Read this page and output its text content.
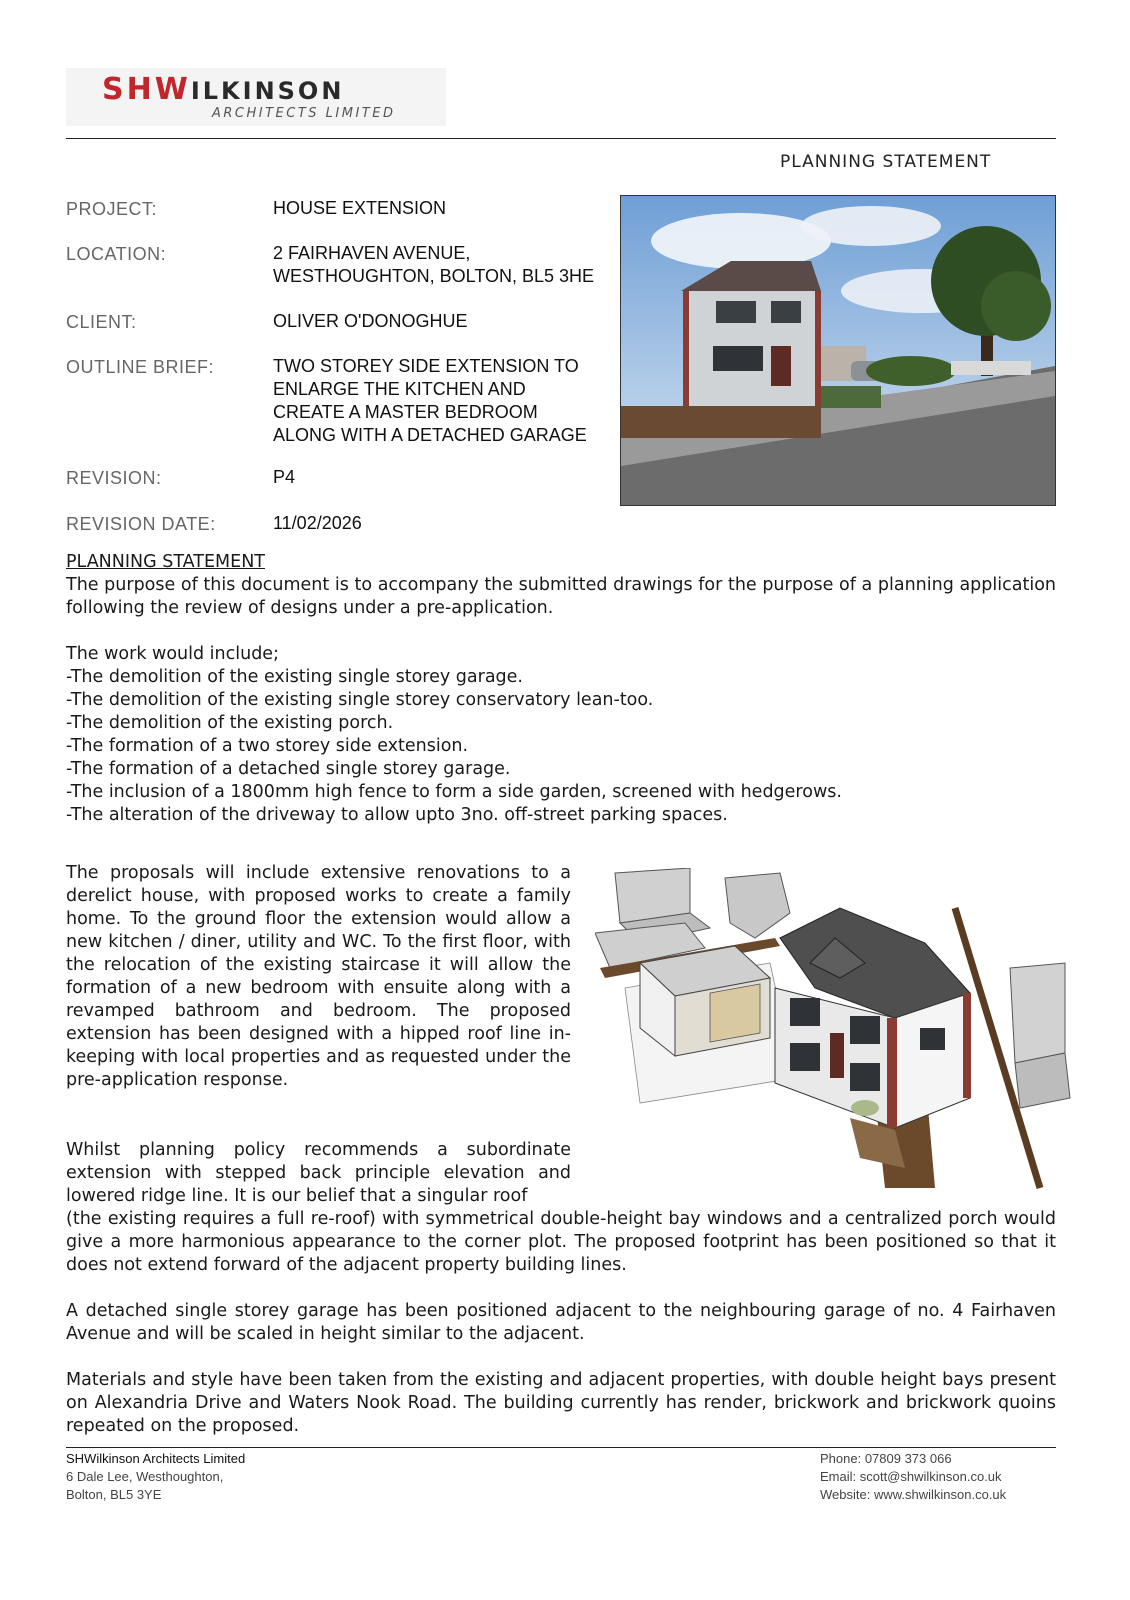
SHWILKINSON
ARCHITECTS LIMITED
PLANNING STATEMENT
PROJECT:	HOUSE EXTENSION
LOCATION:	2 FAIRHAVEN AVENUE,
WESTHOUGHTON, BOLTON, BL5 3HE
CLIENT:	OLIVER O'DONOGHUE
OUTLINE BRIEF:	TWO STOREY SIDE EXTENSION TO
ENLARGE THE KITCHEN AND
CREATE A MASTER BEDROOM
ALONG WITH A DETACHED GARAGE
REVISION:	P4
REVISION DATE:	11/02/2026
PLANNING STATEMENT
The purpose of this document is to accompany the submitted drawings for the purpose of a planning application following the review of designs under a pre-application.
The work would include;
-The demolition of the existing single storey garage.
-The demolition of the existing single storey conservatory lean-too.
-The demolition of the existing porch.
-The formation of a two storey side extension.
-The formation of a detached single storey garage.
-The inclusion of a 1800mm high fence to form a side garden, screened with hedgerows.
-The alteration of the driveway to allow upto 3no. off-street parking spaces.
The proposals will include extensive renovations to a derelict house, with proposed works to create a family home. To the ground floor the extension would allow a new kitchen / diner, utility and WC. To the first floor, with the relocation of the existing staircase it will allow the formation of a new bedroom with ensuite along with a revamped bathroom and bedroom. The proposed extension has been designed with a hipped roof line in-keeping with local properties and as requested under the pre-application response.
Whilst planning policy recommends a subordinate extension with stepped back principle elevation and lowered ridge line. It is our belief that a singular roof
(the existing requires a full re-roof) with symmetrical double-height bay windows and a centralized porch would give a more harmonious appearance to the corner plot. The proposed footprint has been positioned so that it does not extend forward of the adjacent property building lines.
A detached single storey garage has been positioned adjacent to the neighbouring garage of no. 4 Fairhaven Avenue and will be scaled in height similar to the adjacent.
Materials and style have been taken from the existing and adjacent properties, with double height bays present on Alexandria Drive and Waters Nook Road. The building currently has render, brickwork and brickwork quoins repeated on the proposed.
SHWilkinson Architects Limited
6 Dale Lee, Westhoughton,
Bolton, BL5 3YE
Phone: 07809 373 066
Email: scott@shwilkinson.co.uk
Website: www.shwilkinson.co.uk
